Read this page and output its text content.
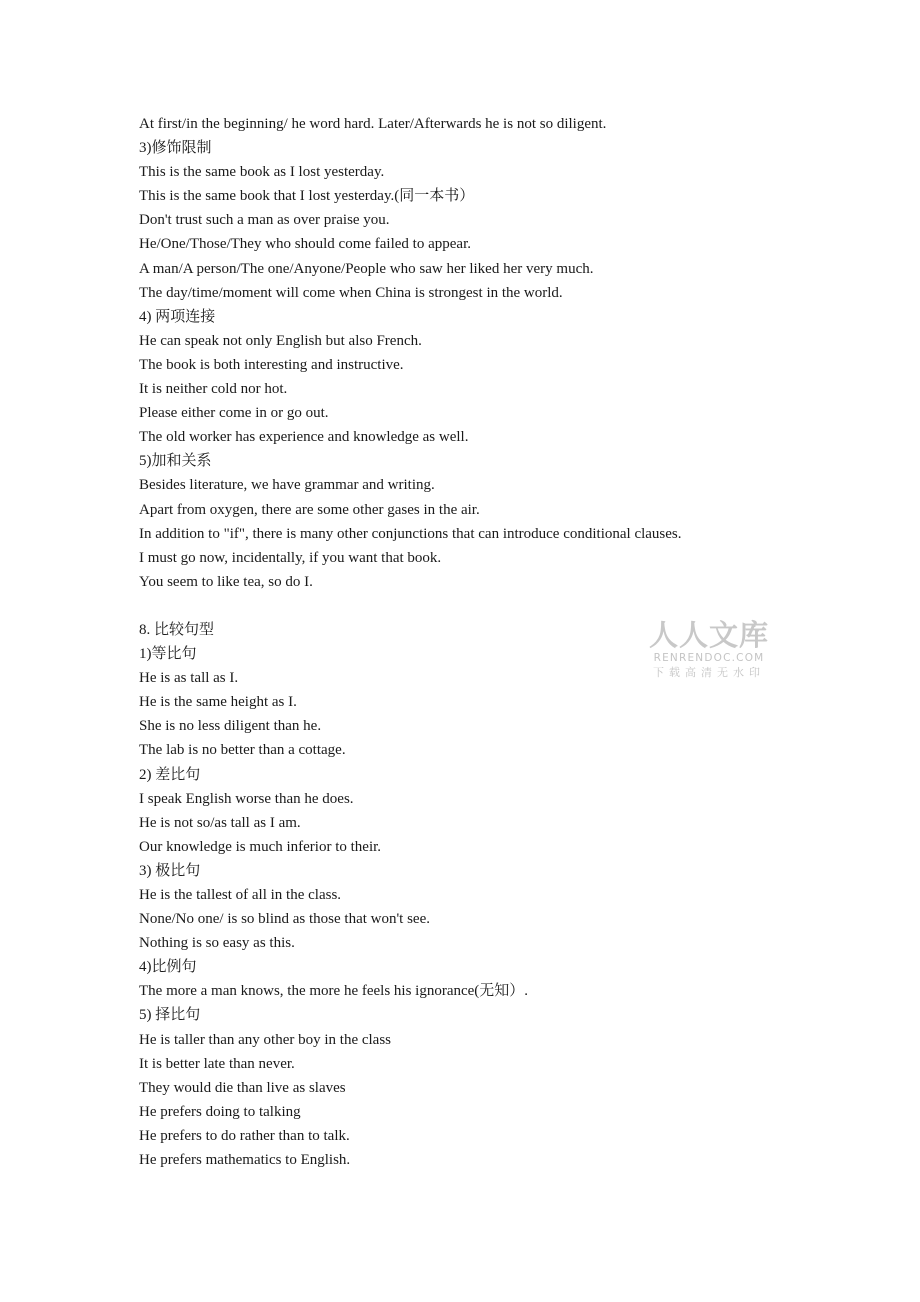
At first/in the beginning/ he word hard. Later/Afterwards he is not so diligent.
3)修饰限制
This is the same book as I lost yesterday.
This is the same book that I lost yesterday.(同一本书）
Don't trust such a man as over praise you.
He/One/Those/They who should come failed to appear.
A man/A person/The one/Anyone/People who saw her liked her very much.
The day/time/moment will come when China is strongest in the world.
4) 两项连接
He can speak not only English but also French.
The book is both interesting and instructive.
It is neither cold nor hot.
Please either come in or go out.
The old worker has experience and knowledge as well.
5)加和关系
Besides literature, we have grammar and writing.
Apart from oxygen, there are some other gases in the air.
In addition to "if", there is many other conjunctions that can introduce conditional clauses.
I must go now, incidentally, if you want that book.
You seem to like tea, so do I.
8. 比较句型
1)等比句
He is as tall as I.
He is the same height as I.
She is no less diligent than he.
The lab is no better than a cottage.
2) 差比句
I speak English worse than he does.
He is not so/as tall as I am.
Our knowledge is much inferior to their.
3) 极比句
He is the tallest of all in the class.
None/No one/ is so blind as those that won't see.
Nothing is so easy as this.
4)比例句
The more a man knows, the more he feels his ignorance(无知）.
5) 择比句
He is taller than any other boy in the class
It is better late than never.
They would die than live as slaves
He prefers doing to talking
He prefers to do rather than to talk.
He prefers mathematics to English.
人人文库
RENRENDOC.COM
下载高清无水印
